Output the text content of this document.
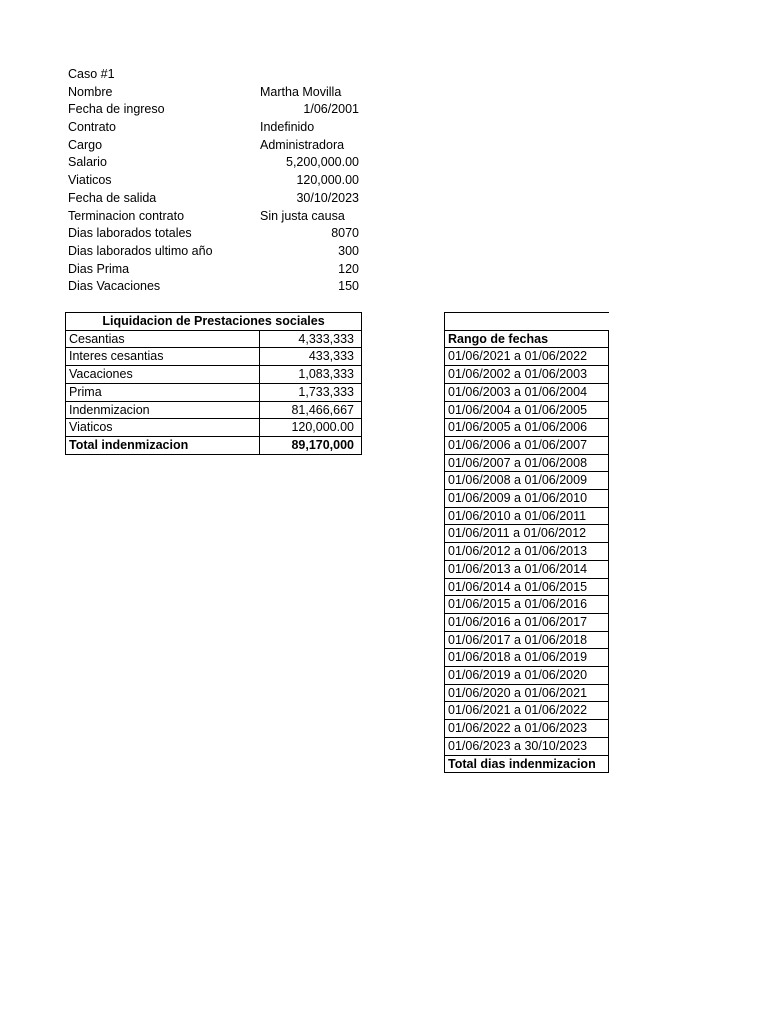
Caso #1
Nombre	Martha Movilla
Fecha de ingreso	1/06/2001
Contrato	Indefinido
Cargo	Administradora
Salario	5,200,000.00
Viaticos	120,000.00
Fecha de salida	30/10/2023
Terminacion contrato	Sin justa causa
Dias laborados totales	8070
Dias laborados ultimo año	300
Dias Prima	120
Dias Vacaciones	150
Liquidacion de Prestaciones sociales	
Cesantias	4,333,333
Interes cesantias	433,333
Vacaciones	1,083,333
Prima	1,733,333
Indenmizacion	81,466,667
Viaticos	120,000.00
Total indenmizacion	89,170,000

Rango de fechas
01/06/2021 a 01/06/2022
01/06/2002 a 01/06/2003
01/06/2003 a 01/06/2004
01/06/2004 a 01/06/2005
01/06/2005 a 01/06/2006
01/06/2006 a 01/06/2007
01/06/2007 a 01/06/2008
01/06/2008 a 01/06/2009
01/06/2009 a 01/06/2010
01/06/2010 a 01/06/2011
01/06/2011 a 01/06/2012
01/06/2012 a 01/06/2013
01/06/2013 a 01/06/2014
01/06/2014 a 01/06/2015
01/06/2015 a 01/06/2016
01/06/2016 a 01/06/2017
01/06/2017 a 01/06/2018
01/06/2018 a 01/06/2019
01/06/2019 a 01/06/2020
01/06/2020 a 01/06/2021
01/06/2021 a 01/06/2022
01/06/2022 a 01/06/2023
01/06/2023 a 30/10/2023
Total dias indenmizacion
